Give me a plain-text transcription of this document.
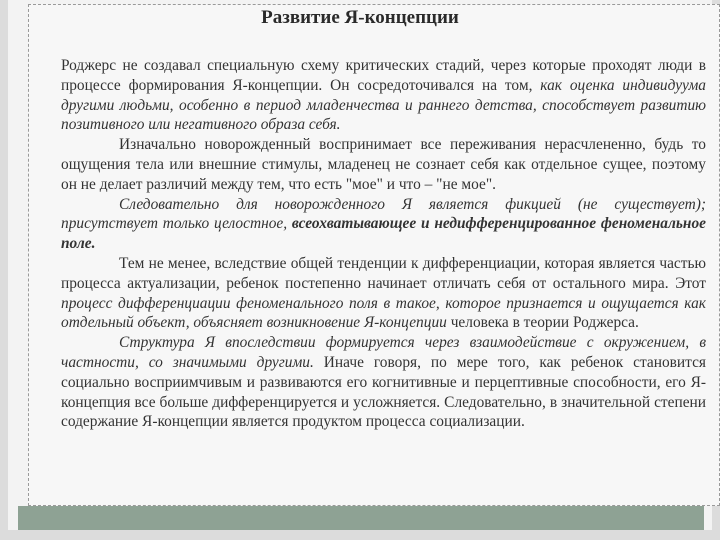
Развитие Я-концепции

Роджерс не создавал специальную схему критических стадий, через которые проходят люди в процессе формирования Я-концепции. Он сосредоточивался на том, как оценка индивидуума другими людьми, особенно в период младенчества и раннего детства, способствует развитию позитивного или негативного образа себя.

Изначально новорожденный воспринимает все переживания нерасчлененно, будь то ощущения тела или внешние стимулы, младенец не сознает себя как отдельное сущее, поэтому он не делает различий между тем, что есть "мое" и что – "не мое".

Следовательно для новорожденного Я является фикцией (не существует); присутствует только целостное, всеохватывающее и недифференцированное феноменальное поле.

Тем не менее, вследствие общей тенденции к дифференциации, которая является частью процесса актуализации, ребенок постепенно начинает отличать себя от остального мира. Этот процесс дифференциации феноменального поля в такое, которое признается и ощущается как отдельный объект, объясняет возникновение Я-концепции человека в теории Роджерса.

Структура Я впоследствии формируется через взаимодействие с окружением, в частности, со значимыми другими. Иначе говоря, по мере того, как ребенок становится социально восприимчивым и развиваются его когнитивные и перцептивные способности, его Я-концепция все больше дифференцируется и усложняется. Следовательно, в значительной степени содержание Я-концепции является продуктом процесса социализации.
